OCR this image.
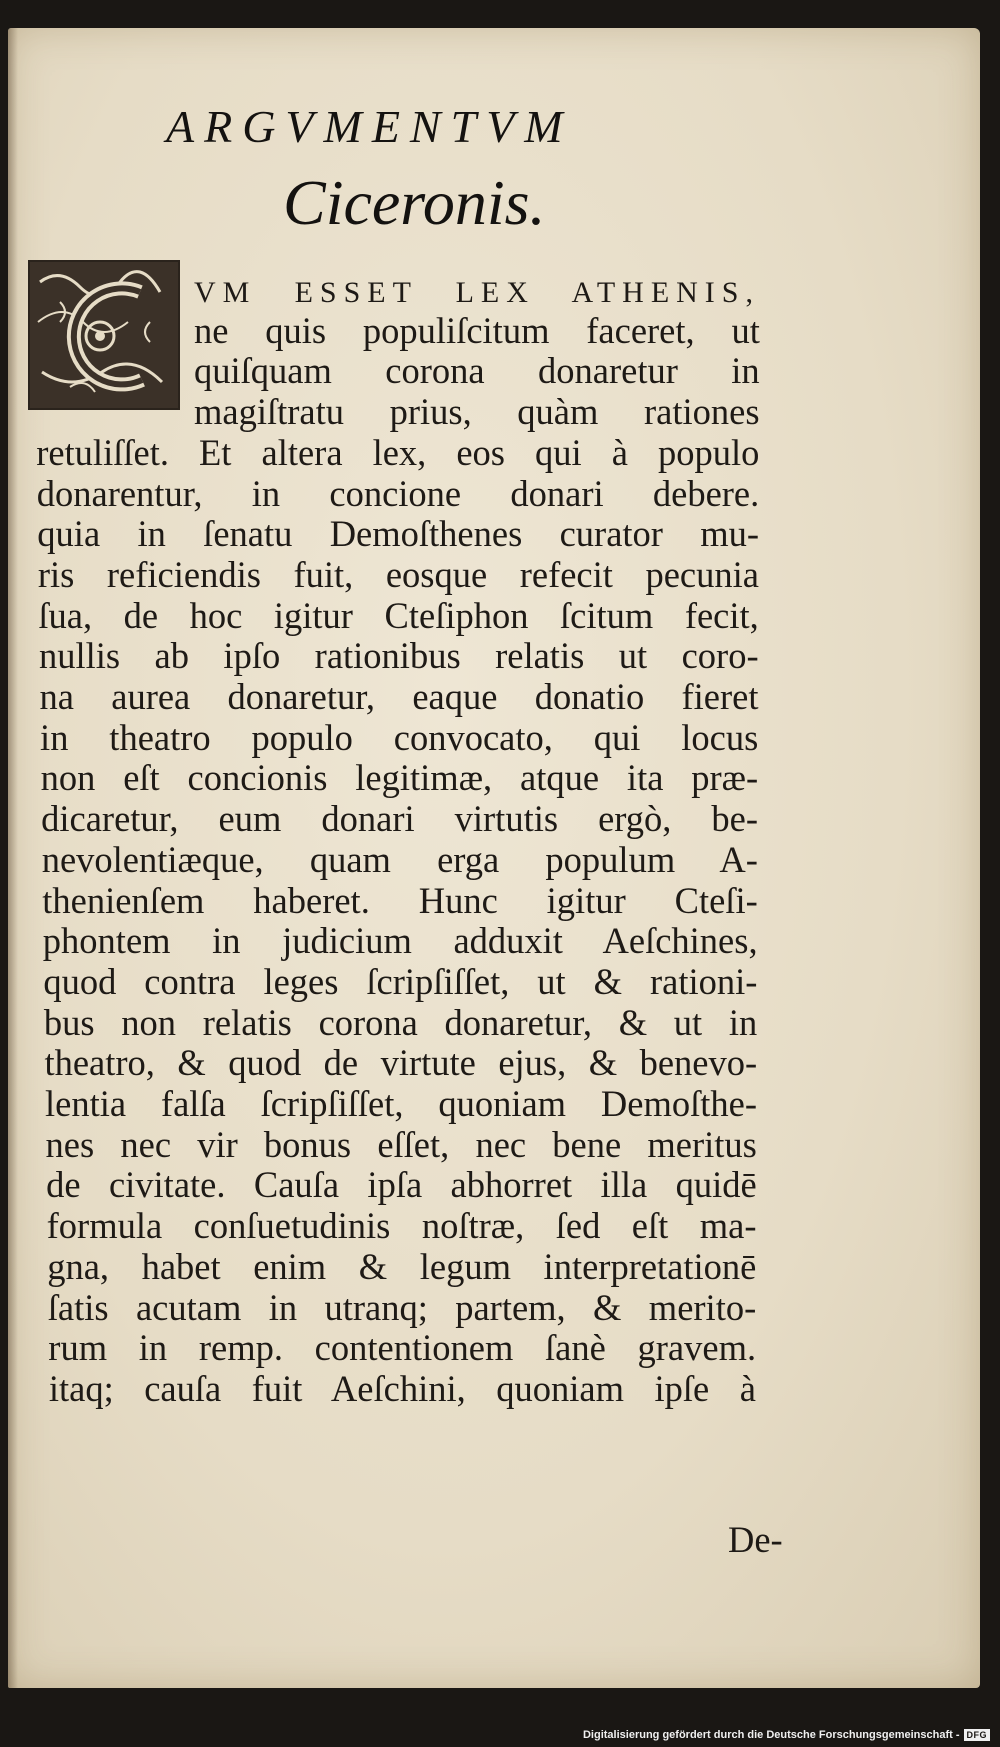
ARGVMENTVM
Ciceronis.
VM ESSET LEX ATHENIS,
ne quis populiſcitum faceret, ut
quiſquam corona donaretur in
magiſtratu prius, quàm rationes
retuliſſet. Et altera lex, eos qui à populo
donarentur, in concione donari debere.
quia in ſenatu Demoſthenes curator mu-
ris reficiendis fuit, eosque refecit pecunia
ſua, de hoc igitur Cteſiphon ſcitum fecit,
nullis ab ipſo rationibus relatis ut coro-
na aurea donaretur, eaque donatio fieret
in theatro populo convocato, qui locus
non eſt concionis legitimæ, atque ita præ-
dicaretur, eum donari virtutis ergò, be-
nevolentiæque, quam erga populum A-
thenienſem haberet. Hunc igitur Cteſi-
phontem in judicium adduxit Aeſchines,
quod contra leges ſcripſiſſet, ut & rationi-
bus non relatis corona donaretur, & ut in
theatro, & quod de virtute ejus, & benevo-
lentia falſa ſcripſiſſet, quoniam Demoſthe-
nes nec vir bonus eſſet, nec bene meritus
de civitate. Cauſa ipſa abhorret illa quidē
formula conſuetudinis noſtræ, ſed eſt ma-
gna, habet enim & legum interpretationē
ſatis acutam in utranq; partem, & merito-
rum in remp. contentionem ſanè gravem.
itaq; cauſa fuit Aeſchini, quoniam ipſe à
De-
Digitalisierung gefördert durch die Deutsche Forschungsgemeinschaft - DFG
